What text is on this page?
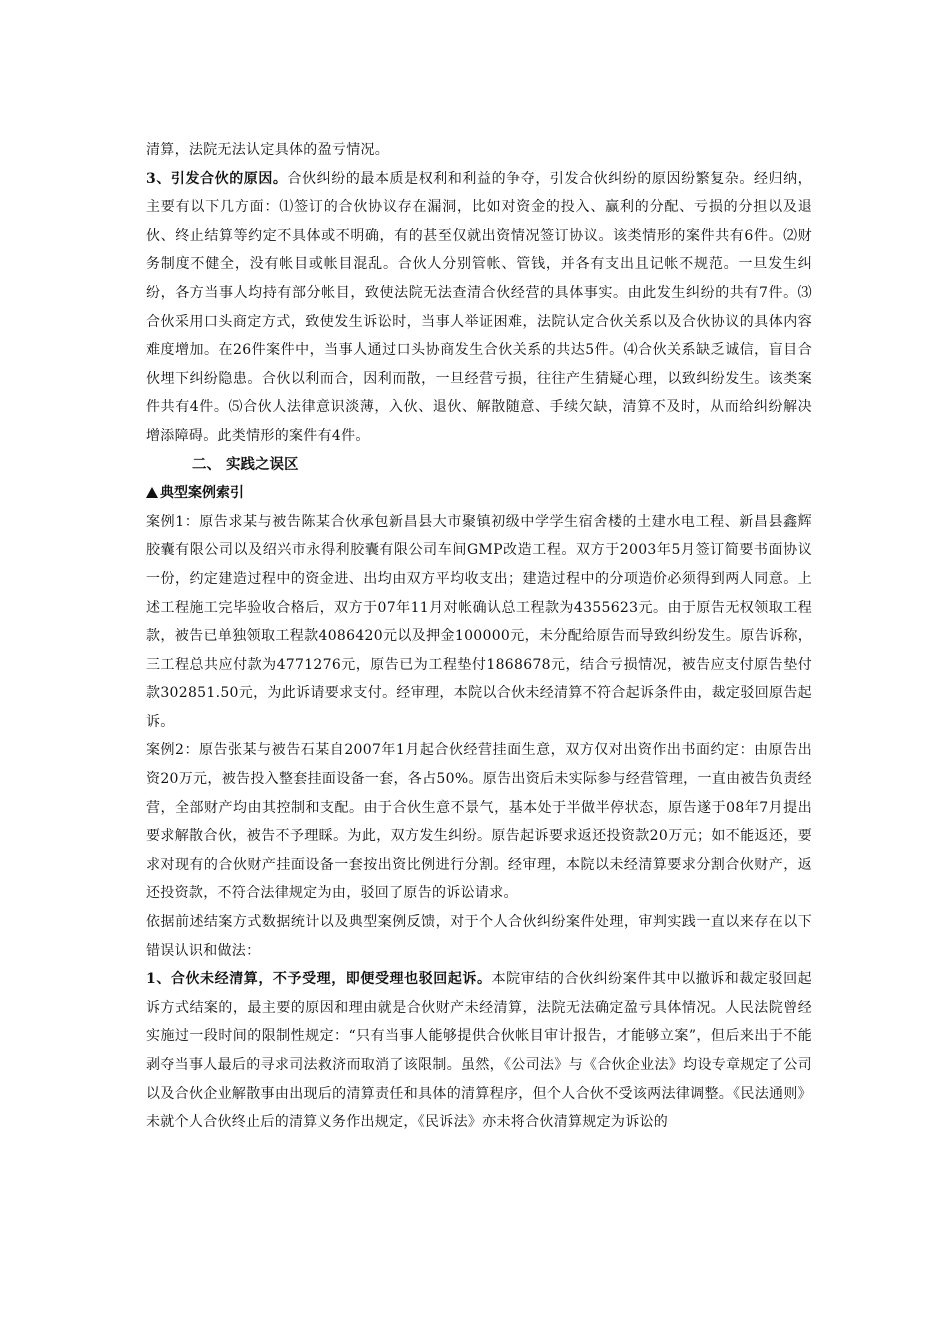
清算，法院无法认定具体的盈亏情况。

3、引发合伙的原因。合伙纠纷的最本质是权利和利益的争夺，引发合伙纠纷的原因纷繁复杂。经归纳，主要有以下几方面：⑴签订的合伙协议存在漏洞，比如对资金的投入、赢利的分配、亏损的分担以及退伙、终止结算等约定不具体或不明确，有的甚至仅就出资情况签订协议。该类情形的案件共有6件。⑵财务制度不健全，没有帐目或帐目混乱。合伙人分别管帐、管钱，并各有支出且记帐不规范。一旦发生纠纷，各方当事人均持有部分帐目，致使法院无法查清合伙经营的具体事实。由此发生纠纷的共有7件。⑶合伙采用口头商定方式，致使发生诉讼时，当事人举证困难，法院认定合伙关系以及合伙协议的具体内容难度增加。在26件案件中，当事人通过口头协商发生合伙关系的共达5件。⑷合伙关系缺乏诚信，盲目合伙埋下纠纷隐患。合伙以利而合，因利而散，一旦经营亏损，往往产生猜疑心理，以致纠纷发生。该类案件共有4件。⑸合伙人法律意识淡薄，入伙、退伙、解散随意、手续欠缺，清算不及时，从而给纠纷解决增添障碍。此类情形的案件有4件。

二、 实践之误区
典型案例索引

案例1：原告求某与被告陈某合伙承包新昌县大市聚镇初级中学学生宿舍楼的土建水电工程、新昌县鑫辉胶囊有限公司以及绍兴市永得利胶囊有限公司车间GMP改造工程。双方于2003年5月签订简要书面协议一份，约定建造过程中的资金进、出均由双方平均收支出；建造过程中的分项造价必须得到两人同意。上述工程施工完毕验收合格后，双方于07年11月对帐确认总工程款为4355623元。由于原告无权领取工程款，被告已单独领取工程款4086420元以及押金100000元，未分配给原告而导致纠纷发生。原告诉称，三工程总共应付款为4771276元，原告已为工程垫付1868678元，结合亏损情况，被告应支付原告垫付款302851.50元，为此诉请要求支付。经审理，本院以合伙未经清算不符合起诉条件由，裁定驳回原告起诉。

案例2：原告张某与被告石某自2007年1月起合伙经营挂面生意，双方仅对出资作出书面约定：由原告出资20万元，被告投入整套挂面设备一套，各占50%。原告出资后未实际参与经营管理，一直由被告负责经营，全部财产均由其控制和支配。由于合伙生意不景气，基本处于半做半停状态，原告遂于08年7月提出要求解散合伙，被告不予理睬。为此，双方发生纠纷。原告起诉要求返还投资款20万元；如不能返还，要求对现有的合伙财产挂面设备一套按出资比例进行分割。经审理，本院以未经清算要求分割合伙财产，返还投资款，不符合法律规定为由，驳回了原告的诉讼请求。

依据前述结案方式数据统计以及典型案例反馈，对于个人合伙纠纷案件处理，审判实践一直以来存在以下错误认识和做法：

1、合伙未经清算，不予受理，即便受理也驳回起诉。本院审结的合伙纠纷案件其中以撤诉和裁定驳回起诉方式结案的，最主要的原因和理由就是合伙财产未经清算，法院无法确定盈亏具体情况。人民法院曾经实施过一段时间的限制性规定：“只有当事人能够提供合伙帐目审计报告，才能够立案”，但后来出于不能剥夺当事人最后的寻求司法救济而取消了该限制。虽然，《公司法》与《合伙企业法》均设专章规定了公司以及合伙企业解散事由出现后的清算责任和具体的清算程序，但个人合伙不受该两法律调整。《民法通则》未就个人合伙终止后的清算义务作出规定，《民诉法》亦未将合伙清算规定为诉讼的
